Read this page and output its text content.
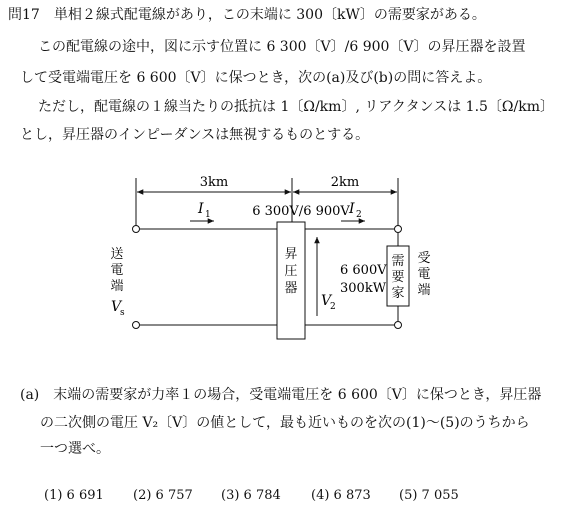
問17　単相２線式配電線があり，この末端に 300〔kW〕の需要家がある。
この配電線の途中，図に示す位置に 6 300〔V〕/6 900〔V〕の昇圧器を設置
して受電端電圧を 6 600〔V〕に保つとき，次の(a)及び(b)の問に答えよ。
ただし，配電線の１線当たりの抵抗は 1〔Ω/km〕, リアクタンスは 1.5〔Ω/km〕
とし，昇圧器のインピーダンスは無視するものとする。
3km	2km
昇
圧
器
6 300V/6 900V
I 1	I 2
送
電
端
V
s
V
2
6 600V
300kW
需
要
家
受
電
端
(a)　末端の需要家が力率１の場合，受電端電圧を 6 600〔V〕に保つとき，昇圧器
の二次側の電圧 V₂〔V〕の値として，最も近いものを次の(1)～(5)のうちから
一つ選べ。
(1) 6 691 (2) 6 757 (3) 6 784 (4) 6 873 (5) 7 055
